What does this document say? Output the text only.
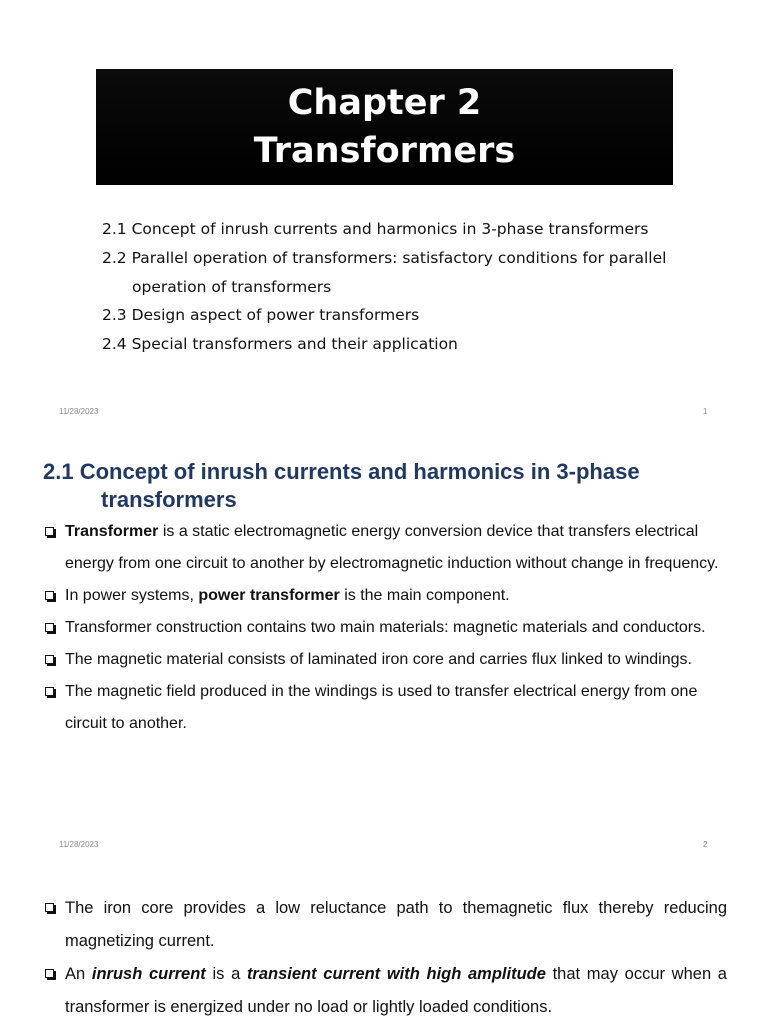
Chapter 2
Transformers
2.1 Concept of inrush currents and harmonics in 3-phase transformers
2.2 Parallel operation of transformers: satisfactory conditions for parallel operation of transformers
2.3 Design aspect of power transformers
2.4 Special transformers and their application
11/28/2023	1
2.1 Concept of inrush currents and harmonics in 3-phase
transformers
Transformer is a static electromagnetic energy conversion device that transfers electrical energy from one circuit to another by electromagnetic induction without change in frequency.
In power systems, power transformer is the main component.
Transformer construction contains two main materials: magnetic materials and conductors.
The magnetic material consists of laminated iron core and carries flux linked to windings.
The magnetic field produced in the windings is used to transfer electrical energy from one circuit to another.
11/28/2023	2
The iron core provides a low reluctance path to themagnetic flux thereby reducing magnetizing current.
An inrush current is a transient current with high amplitude that may occur when a transformer is energized under no load or lightly loaded conditions.
